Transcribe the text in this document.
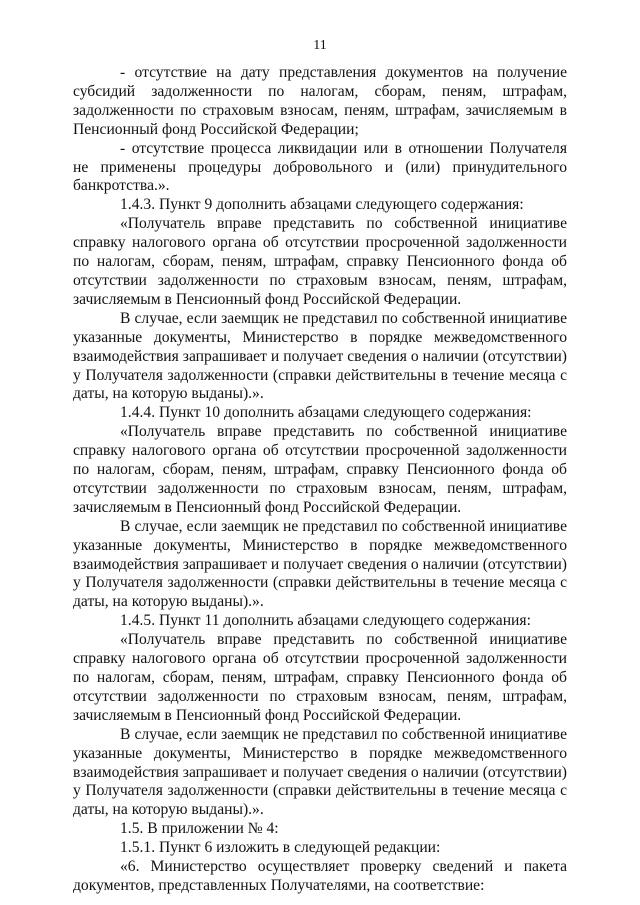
11

- отсутствие на дату представления документов на получение субсидий задолженности по налогам, сборам, пеням, штрафам, задолженности по страховым взносам, пеням, штрафам, зачисляемым в Пенсионный фонд Российской Федерации;

- отсутствие процесса ликвидации или в отношении Получателя не применены процедуры добровольного и (или) принудительного банкротства.».

1.4.3. Пункт 9 дополнить абзацами следующего содержания:

«Получатель вправе представить по собственной инициативе справку налогового органа об отсутствии просроченной задолженности по налогам, сборам, пеням, штрафам, справку Пенсионного фонда об отсутствии задолженности по страховым взносам, пеням, штрафам, зачисляемым в Пенсионный фонд Российской Федерации.

В случае, если заемщик не представил по собственной инициативе указанные документы, Министерство в порядке межведомственного взаимодействия запрашивает и получает сведения о наличии (отсутствии) у Получателя задолженности (справки действительны в течение месяца с даты, на которую выданы).».

1.4.4. Пункт 10 дополнить абзацами следующего содержания:

«Получатель вправе представить по собственной инициативе справку налогового органа об отсутствии просроченной задолженности по налогам, сборам, пеням, штрафам, справку Пенсионного фонда об отсутствии задолженности по страховым взносам, пеням, штрафам, зачисляемым в Пенсионный фонд Российской Федерации.

В случае, если заемщик не представил по собственной инициативе указанные документы, Министерство в порядке межведомственного взаимодействия запрашивает и получает сведения о наличии (отсутствии) у Получателя задолженности (справки действительны в течение месяца с даты, на которую выданы).».

1.4.5. Пункт 11 дополнить абзацами следующего содержания:

«Получатель вправе представить по собственной инициативе справку налогового органа об отсутствии просроченной задолженности по налогам, сборам, пеням, штрафам, справку Пенсионного фонда об отсутствии задолженности по страховым взносам, пеням, штрафам, зачисляемым в Пенсионный фонд Российской Федерации.

В случае, если заемщик не представил по собственной инициативе указанные документы, Министерство в порядке межведомственного взаимодействия запрашивает и получает сведения о наличии (отсутствии) у Получателя задолженности (справки действительны в течение месяца с даты, на которую выданы).».

1.5. В приложении № 4:

1.5.1. Пункт 6 изложить в следующей редакции:

«6. Министерство осуществляет проверку сведений и пакета документов, представленных Получателями, на соответствие:
